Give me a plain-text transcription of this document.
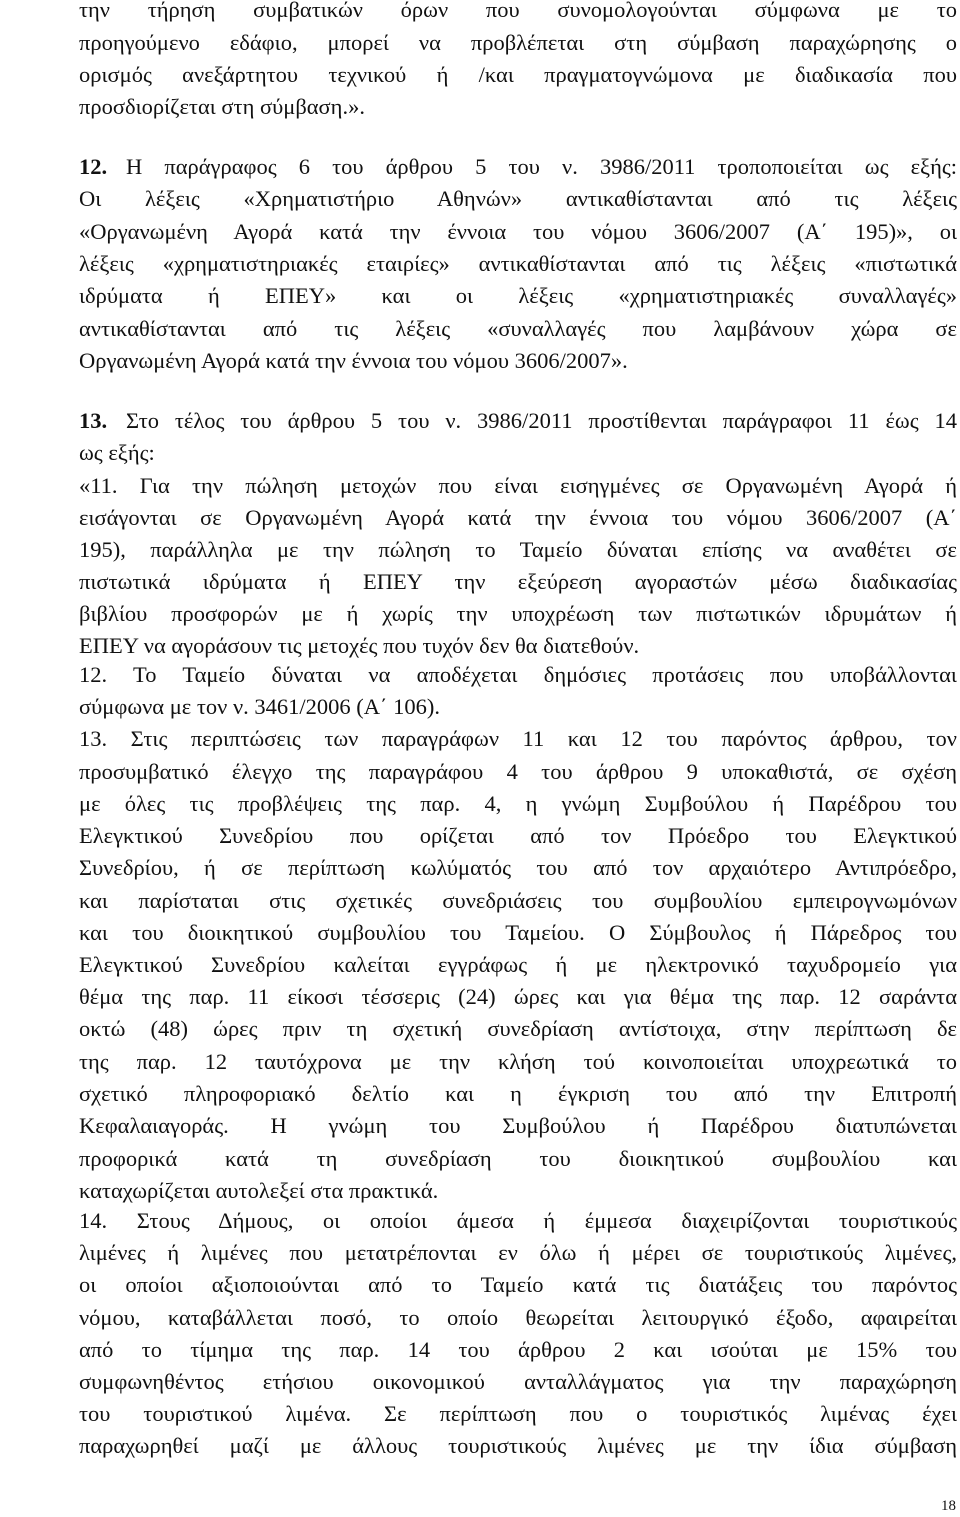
την τήρηση συμβατικών όρων που συνομολογούνται σύμφωνα με το
προηγούμενο εδάφιο, μπορεί να προβλέπεται στη σύμβαση παραχώρησης ο
ορισμός ανεξάρτητου τεχνικού ή /και πραγματογνώμονα με διαδικασία που
προσδιορίζεται στη σύμβαση.».
12. Η παράγραφος 6 του άρθρου 5 του ν. 3986/2011 τροποποιείται ως εξής:
Οι λέξεις «Χρηματιστήριο Αθηνών» αντικαθίστανται από τις λέξεις
«Οργανωμένη Αγορά κατά την έννοια του νόμου 3606/2007 (Α΄ 195)», οι
λέξεις «χρηματιστηριακές εταιρίες» αντικαθίστανται από τις λέξεις «πιστωτικά
ιδρύματα ή ΕΠΕΥ» και οι λέξεις «χρηματιστηριακές συναλλαγές»
αντικαθίστανται από τις λέξεις «συναλλαγές που λαμβάνουν χώρα σε
Οργανωμένη Αγορά κατά την έννοια του νόμου 3606/2007».
13. Στο τέλος του άρθρου 5 του ν. 3986/2011 προστίθενται παράγραφοι 11 έως 14
ως εξής:
«11. Για την πώληση μετοχών που είναι εισηγμένες σε Οργανωμένη Αγορά ή
εισάγονται σε Οργανωμένη Αγορά κατά την έννοια του νόμου 3606/2007 (Α΄
195), παράλληλα με την πώληση το Ταμείο δύναται επίσης να αναθέτει σε
πιστωτικά ιδρύματα ή ΕΠΕΥ την εξεύρεση αγοραστών μέσω διαδικασίας
βιβλίου προσφορών με ή χωρίς την υποχρέωση των πιστωτικών ιδρυμάτων ή
ΕΠΕΥ να αγοράσουν τις μετοχές που τυχόν δεν θα διατεθούν.
12. Το Ταμείο δύναται να αποδέχεται δημόσιες προτάσεις που υποβάλλονται
σύμφωνα με τον ν. 3461/2006 (Α΄ 106).
13. Στις περιπτώσεις των παραγράφων 11 και 12 του παρόντος άρθρου, τον
προσυμβατικό έλεγχο της παραγράφου 4 του άρθρου 9 υποκαθιστά, σε σχέση
με όλες τις προβλέψεις της παρ. 4, η γνώμη Συμβούλου ή Παρέδρου του
Ελεγκτικού Συνεδρίου που ορίζεται από τον Πρόεδρο του Ελεγκτικού
Συνεδρίου, ή σε περίπτωση κωλύματός του από τον αρχαιότερο Αντιπρόεδρο,
και παρίσταται στις σχετικές συνεδριάσεις του συμβουλίου εμπειρογνωμόνων
και του διοικητικού συμβουλίου του Ταμείου. Ο Σύμβουλος ή Πάρεδρος του
Ελεγκτικού Συνεδρίου καλείται εγγράφως ή με ηλεκτρονικό ταχυδρομείο για
θέμα της παρ. 11 είκοσι τέσσερις (24) ώρες και για θέμα της παρ. 12 σαράντα
οκτώ (48) ώρες πριν τη σχετική συνεδρίαση αντίστοιχα, στην περίπτωση δε
της παρ. 12 ταυτόχρονα με την κλήση τού κοινοποιείται υποχρεωτικά το
σχετικό πληροφοριακό δελτίο και η έγκριση του από την Επιτροπή
Κεφαλαιαγοράς. Η γνώμη του Συμβούλου ή Παρέδρου διατυπώνεται
προφορικά κατά τη συνεδρίαση του διοικητικού συμβουλίου και
καταχωρίζεται αυτολεξεί στα πρακτικά.
14. Στους Δήμους, οι οποίοι άμεσα ή έμμεσα διαχειρίζονται τουριστικούς
λιμένες ή λιμένες που μετατρέπονται εν όλω ή μέρει σε τουριστικούς λιμένες,
οι οποίοι αξιοποιούνται από το Ταμείο κατά τις διατάξεις του παρόντος
νόμου, καταβάλλεται ποσό, το οποίο θεωρείται λειτουργικό έξοδο, αφαιρείται
από το τίμημα της παρ. 14 του άρθρου 2 και ισούται με 15% του
συμφωνηθέντος ετήσιου οικονομικού ανταλλάγματος για την παραχώρηση
του τουριστικού λιμένα. Σε περίπτωση που ο τουριστικός λιμένας έχει
παραχωρηθεί μαζί με άλλους τουριστικούς λιμένες με την ίδια σύμβαση
18
